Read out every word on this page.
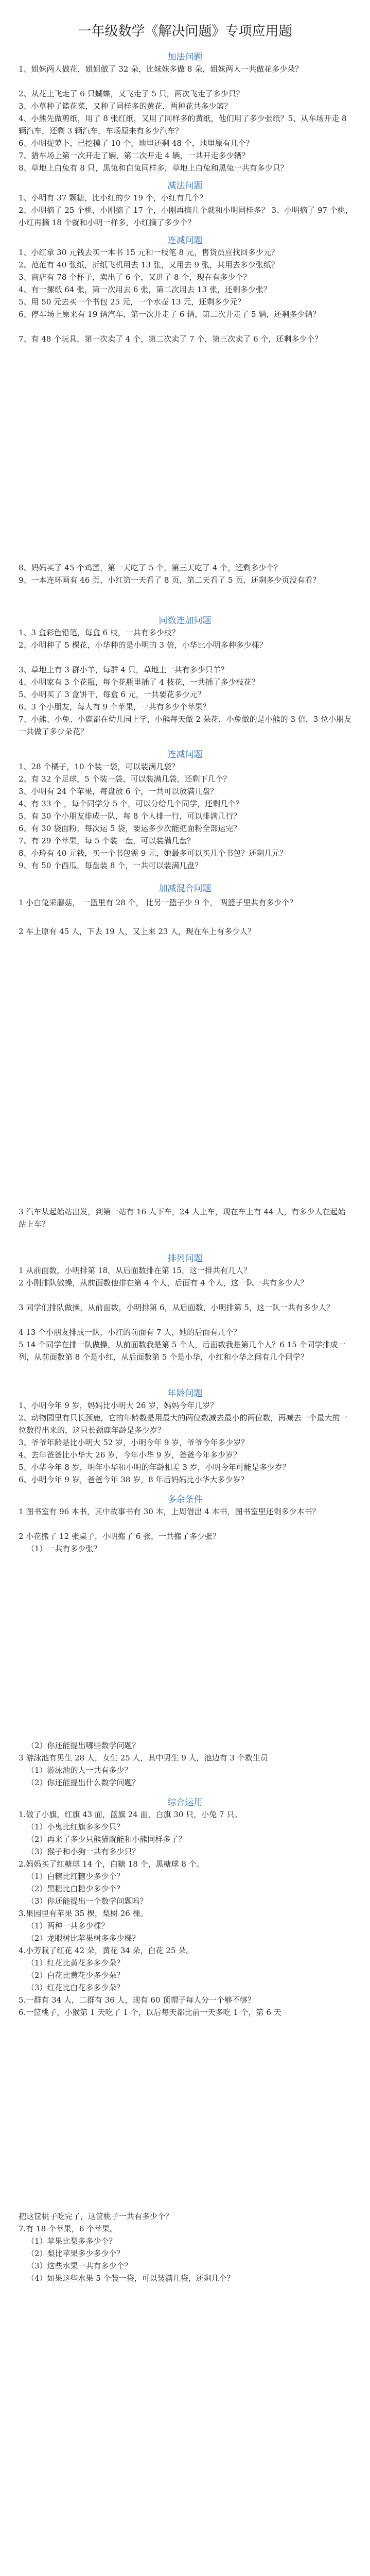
一年级数学《解决问题》专项应用题
加法问题
1、姐妹两人做花，姐姐做了 32 朵，比妹妹多做 8 朵，姐妹两人一共做花多少朵？
2、从花上飞走了 6 只蝴蝶，又飞走了 5 只，两次飞走了多少只？
3、小草种了篮花菜，又种了同样多的黄花，两种花共多少篮？
4、小熊先做剪纸，用了 8 张红纸，又用了同样多的黄纸，他们用了多少张纸？5、从车场开走 8 辆汽车，还剩 3 辆汽车，车场原来有多少汽车？
6、小明捉萝卜，已挖摸了 10 个，地里还剩 48 个，地里原有几个？
7、猎车场上第一次开走了辆，第二次开走 4 辆，一共开走多少辆？
8、草地上白兔有 8 只，黑兔和白兔同样多，草地上白兔和黑兔一共有多少只？
减法问题
1、小明有 37 颗糖，比小红的少 19 个，小红有几个？
2、小明摘了 25 个桃，小刚摘了 17 个，小刚再摘几个就和小明同样多？ 3、小明摘了 97 个桃，小红再摘 18 个就和小明一样多，小红摘了多少个？
连减问题
1、小红拿 30 元钱去买一本书 15 元和一枝笔 8 元，售货员应找回多少元？
2、范范有 40 张纸，折纸飞机用去 13 张，又用去 9 张，共用去多少张纸？
3、商店有 78 个杯子，卖出了 6 个，又进了 8 个，现在有多少个？
4、有一摞纸 64 张，第一次用去 6 张，第二次用去 13 张，还剩多少张？
5、用 50 元去买一个书包 25 元，一个水壶 13 元，还剩多少元？
6、停车场上原来有 19 辆汽车，第一次开走了 6 辆，第二次开走了 5 辆，还剩多少辆？
7、有 48 个玩具，第一次卖了 4 个，第二次卖了 7 个，第三次卖了 6 个，还剩多少个？
8、妈妈买了 45 个鸡蛋，第一天吃了 5 个，第三天吃了 4 个，还剩多少个？
9、一本连环画有 46 页，小红第一天看了 8 页，第二天看了 5 页，还剩多少页没有看？
同数连加问题
1、3 盒彩色铅笔，每盒 6 枝，一共有多少枝？
2、小明种了 5 棵花，小华种的是小明的 3 倍，小华比小明多种多少棵？
3、草地上有 3 群小羊，每群 4 只，草地上一共有多少只羊？
4、小明家有 3 个花瓶，每个花瓶里插了 4 枝花，一共插了多少枝花？
5、小明买了 3 盒饼干，每盒 6 元，一共要花多少元？
6、3 个小朋友，每人有 9 个苹果，一共有多少个苹果？
7、小熊、小兔、小鹿都在幼儿园上学，小熊每天做 2 朵花，小兔做的是小熊的 3 倍，3 位小朋友一共做了多少朵花？
连减问题
1、28 个橘子，10 个装一袋，可以装满几袋？
2、有 32 个足球，5 个装一袋，可以装满几袋，还剩下几个？
3、小明有 24 个苹果，每盘放 6 个，一共可以放满几盘？
4、有 33 个 ，每个同学分 5 个，可以分给几个同学，还剩几个？
5、有 30 个小朋友排成一队，每 8 个人排一行，可以排满几行？
6、有 30 袋面粉，每次运 5 袋，要运多少次能把面粉全部运完？
7、有 29 个苹果，每 5 个装一盘，可以装满几盘？
8、小玲有 40 元钱，买一个书包需 9 元，她最多可以买几个书包？还剩几元？
9、有 50 个西瓜，每盘装 8 个，一共可以装满几盘？
加减混合问题
1 小白兔采蘑菇， 一篮里有 28 个， 比另一篮子少 9 个， 两篮子里共有多少个？
2 车上原有 45 人，下去 19 人，又上来 23 人，现在车上有多少人？
3 汽车从起始站出发，到第一站有 16 人下车，24 人上车，现在车上有 44 人，有多少人在起始站上车？
排列问题
1 从前面数，小明排第 18，从后面数排在第 15，这一排共有几人？
2 小刚排队做操，从前面数他排在第 4 个人，后面有 4 个人，这一队一共有多少人？
3 同学们排队做操，从前面数，小明排第 6，从后面数，小明排第 5，这一队一共有多少人？
4 13 个小朋友排成一队，小红的前面有 7 人，她的后面有几个？
5 14 个同学在排一队做操，从前面数我是第 5 个人，后面数我是第几个人？6 15 个同学排成一列，从前面数第 8 个是小红，从后面数第 5 个是小华，小红和小华之间有几个同学？
年龄问题
1、小明今年 9 岁，妈妈比小明大 26 岁，妈妈今年几岁？
2、动物园里有只长颈鹿，它的年龄数是用最大的两位数减去最小的两位数，再减去一个最大的一位数得出来的，这只长颈鹿年龄是多少岁？
3、爷爷年龄是比小明大 52 岁，小明今年 9 岁，爷爷今年多少岁？
4、去年爸爸比小华大 26 岁，今年小华 9 岁，爸爸今年多少岁？
5、小华今年 8 岁，明年小华和小明的年龄相差 3 岁，小明今年可能是多少岁？
6、小明今年 9 岁，爸爸今年 38 岁，8 年后妈妈比小华大多少岁？
多余条件
1 图书室有 96 本书，其中故事书有 30 本，上周借出 4 本书，图书室里还剩多少本书？
2 小花搬了 12 张桌子，小明搬了 6 张，一共搬了多少张？
（1）一共有多少张？
（2）你还能提出哪些数学问题？
3 游泳池有男生 28 人，女生 25 人，其中男生 9 人，池边有 3 个救生员
（1）游泳池的人一共有多少？
（2）你还能提出什么数学问题？
综合运用
1.做了小旗，红旗 43 面，蓝旗 24 面，白旗 30 只，小兔 7 只。
（1）小鬼比红旗多多少只？
（2）再来了多少只熊猫就能和小熊同样多了？
（3）猴子和小狗一共有多少只？
2.妈妈买了红糖球 14 个，白糖 18 个，黑糖球 8 个。
（1）白糖比红糖少多少个？
（2）黑糖比白糖少多少个？
（3）你还能提出一个数学问题吗？
3.果园里有苹果 35 棵，梨树 26 棵。
（1）两种一共多少棵？
（2）龙眼树比苹果树多多少棵？
4.小芳栽了红花 42 朵，黄花 34 朵，白花 25 朵。
（1）红花比黄花多多少朵？
（2）白花比黄花少多少朵？
（3）红花比白花多多少朵？
5.一群有 34 人，二群有 36 人，现有 60 顶帽子每人分一个够不够？
6.一筐桃子，小猴第 1 天吃了 1 个，以后每天都比前一天多吃 1 个，第 6 天
把这筐桃子吃完了，这筐桃子一共有多少个？
7.有 18 个苹果，6 个苹果。
（1）苹果比梨多多少个？
（2）梨比苹果多少多少个？
（3）这些水果一共有多少个？
（4）如果这些水果 5 个装一袋，可以装满几袋，还剩几个？
